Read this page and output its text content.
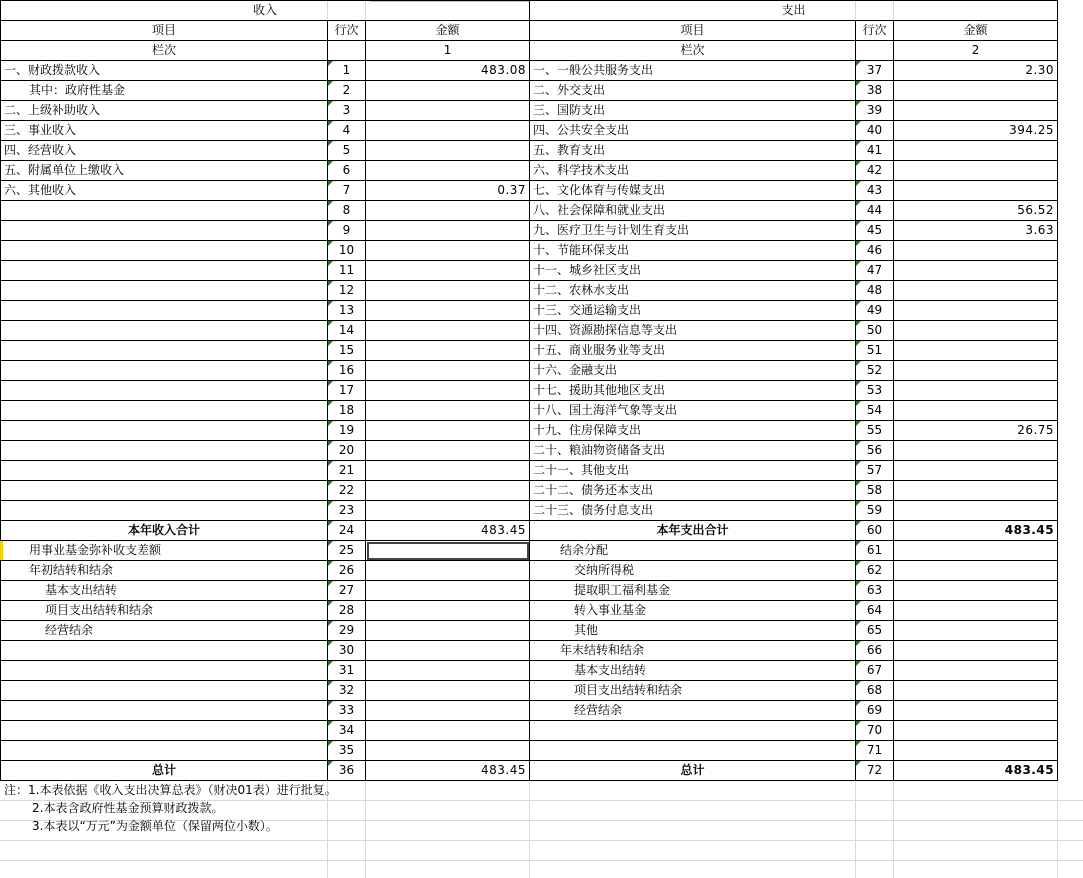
收入			支出		
项目	行次	金额	项目	行次	金额
栏次		1	栏次		2
一、财政拨款收入	1	483.08	一、一般公共服务支出	37	2.30
其中：政府性基金	2		二、外交支出	38	
二、上级补助收入	3		三、国防支出	39	
三、事业收入	4		四、公共安全支出	40	394.25
四、经营收入	5		五、教育支出	41	
五、附属单位上缴收入	6		六、科学技术支出	42	
六、其他收入	7	0.37	七、文化体育与传媒支出	43	
	8		八、社会保障和就业支出	44	56.52
	9		九、医疗卫生与计划生育支出	45	3.63
	10		十、节能环保支出	46	
	11		十一、城乡社区支出	47	
	12		十二、农林水支出	48	
	13		十三、交通运输支出	49	
	14		十四、资源勘探信息等支出	50	
	15		十五、商业服务业等支出	51	
	16		十六、金融支出	52	
	17		十七、援助其他地区支出	53	
	18		十八、国土海洋气象等支出	54	
	19		十九、住房保障支出	55	26.75
	20		二十、粮油物资储备支出	56	
	21		二十一、其他支出	57	
	22		二十二、债务还本支出	58	
	23		二十三、债务付息支出	59	
本年收入合计	24	483.45	本年支出合计	60	483.45
用事业基金弥补收支差额	25		结余分配	61	
年初结转和结余	26		交纳所得税	62	
基本支出结转	27		提取职工福利基金	63	
项目支出结转和结余	28		转入事业基金	64	
经营结余	29		其他	65	
	30		年末结转和结余	66	
	31		基本支出结转	67	
	32		项目支出结转和结余	68	
	33		经营结余	69	
	34			70	
	35			71	
总计	36	483.45	总计	72	483.45
注：1.本表依据《收入支出决算总表》（财决01表）进行批复。
2.本表含政府性基金预算财政拨款。
3.本表以“万元”为金额单位（保留两位小数）。
